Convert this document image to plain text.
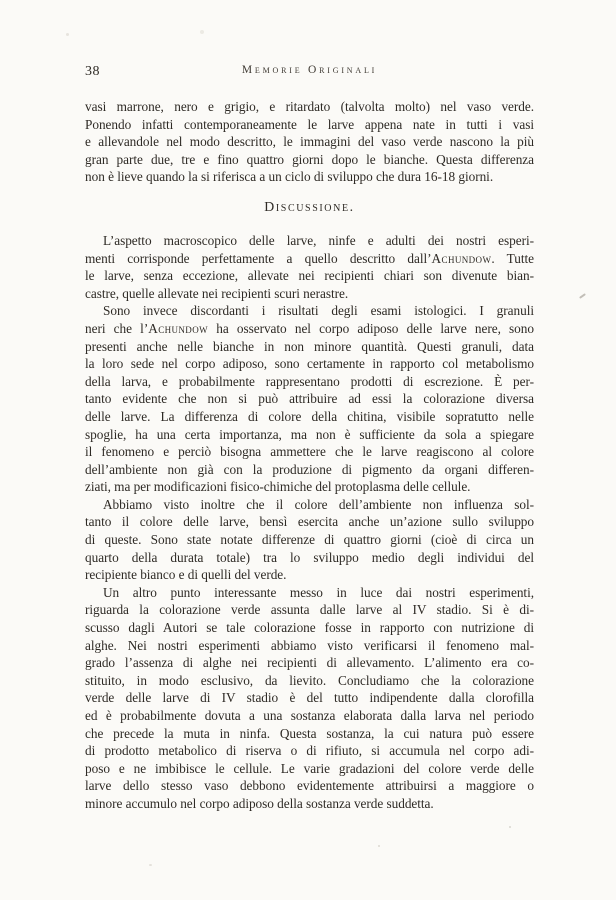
38	Memorie Originali
vasi marrone, nero e grigio, e ritardato (talvolta molto) nel vaso verde.
Ponendo infatti contemporaneamente le larve appena nate in tutti i vasi
e allevandole nel modo descritto, le immagini del vaso verde nascono la più
gran parte due, tre e fino quattro giorni dopo le bianche. Questa differenza
non è lieve quando la si riferisca a un ciclo di sviluppo che dura 16-18 giorni.
Discussione.
L’aspetto macroscopico delle larve, ninfe e adulti dei nostri esperi-
menti corrisponde perfettamente a quello descritto dall’Achundow. Tutte
le larve, senza eccezione, allevate nei recipienti chiari son divenute bian-
castre, quelle allevate nei recipienti scuri nerastre.
Sono invece discordanti i risultati degli esami istologici. I granuli
neri che l’Achundow ha osservato nel corpo adiposo delle larve nere, sono
presenti anche nelle bianche in non minore quantità. Questi granuli, data
la loro sede nel corpo adiposo, sono certamente in rapporto col metabolismo
della larva, e probabilmente rappresentano prodotti di escrezione. È per-
tanto evidente che non si può attribuire ad essi la colorazione diversa
delle larve. La differenza di colore della chitina, visibile sopratutto nelle
spoglie, ha una certa importanza, ma non è sufficiente da sola a spiegare
il fenomeno e perciò bisogna ammettere che le larve reagiscono al colore
dell’ambiente non già con la produzione di pigmento da organi differen-
ziati, ma per modificazioni fisico-chimiche del protoplasma delle cellule.
Abbiamo visto inoltre che il colore dell’ambiente non influenza sol-
tanto il colore delle larve, bensì esercita anche un’azione sullo sviluppo
di queste. Sono state notate differenze di quattro giorni (cioè di circa un
quarto della durata totale) tra lo sviluppo medio degli individui del
recipiente bianco e di quelli del verde.
Un altro punto interessante messo in luce dai nostri esperimenti,
riguarda la colorazione verde assunta dalle larve al IV stadio. Si è di-
scusso dagli Autori se tale colorazione fosse in rapporto con nutrizione di
alghe. Nei nostri esperimenti abbiamo visto verificarsi il fenomeno mal-
grado l’assenza di alghe nei recipienti di allevamento. L’alimento era co-
stituito, in modo esclusivo, da lievito. Concludiamo che la colorazione
verde delle larve di IV stadio è del tutto indipendente dalla clorofilla
ed è probabilmente dovuta a una sostanza elaborata dalla larva nel periodo
che precede la muta in ninfa. Questa sostanza, la cui natura può essere
di prodotto metabolico di riserva o di rifiuto, si accumula nel corpo adi-
poso e ne imbibisce le cellule. Le varie gradazioni del colore verde delle
larve dello stesso vaso debbono evidentemente attribuirsi a maggiore o
minore accumulo nel corpo adiposo della sostanza verde suddetta.
